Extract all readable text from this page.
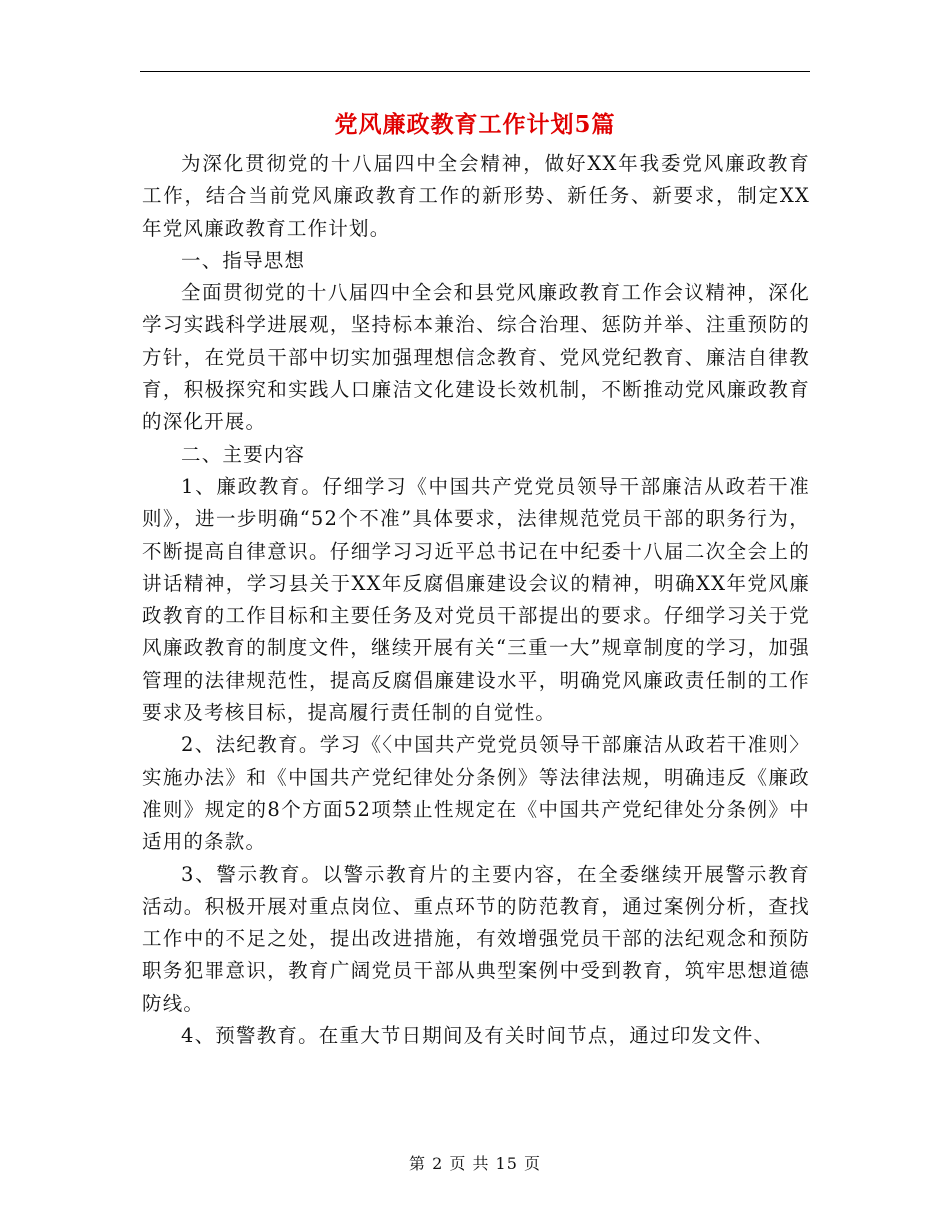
党风廉政教育工作计划5篇

为深化贯彻党的十八届四中全会精神，做好XX年我委党风廉政教育工作，结合当前党风廉政教育工作的新形势、新任务、新要求，制定XX年党风廉政教育工作计划。

一、指导思想

全面贯彻党的十八届四中全会和县党风廉政教育工作会议精神，深化学习实践科学进展观，坚持标本兼治、综合治理、惩防并举、注重预防的方针，在党员干部中切实加强理想信念教育、党风党纪教育、廉洁自律教育，积极探究和实践人口廉洁文化建设长效机制，不断推动党风廉政教育的深化开展。

二、主要内容

1、廉政教育。仔细学习《中国共产党党员领导干部廉洁从政若干准则》，进一步明确“52个不准”具体要求，法律规范党员干部的职务行为，不断提高自律意识。仔细学习习近平总书记在中纪委十八届二次全会上的讲话精神，学习县关于XX年反腐倡廉建设会议的精神，明确XX年党风廉政教育的工作目标和主要任务及对党员干部提出的要求。仔细学习关于党风廉政教育的制度文件，继续开展有关“三重一大”规章制度的学习，加强管理的法律规范性，提高反腐倡廉建设水平，明确党风廉政责任制的工作要求及考核目标，提高履行责任制的自觉性。

2、法纪教育。学习《〈中国共产党党员领导干部廉洁从政若干准则〉实施办法》和《中国共产党纪律处分条例》等法律法规，明确违反《廉政准则》规定的8个方面52项禁止性规定在《中国共产党纪律处分条例》中适用的条款。

3、警示教育。以警示教育片的主要内容，在全委继续开展警示教育活动。积极开展对重点岗位、重点环节的防范教育，通过案例分析，查找工作中的不足之处，提出改进措施，有效增强党员干部的法纪观念和预防职务犯罪意识，教育广阔党员干部从典型案例中受到教育，筑牢思想道德防线。

4、预警教育。在重大节日期间及有关时间节点，通过印发文件、

第 2 页 共 15 页
